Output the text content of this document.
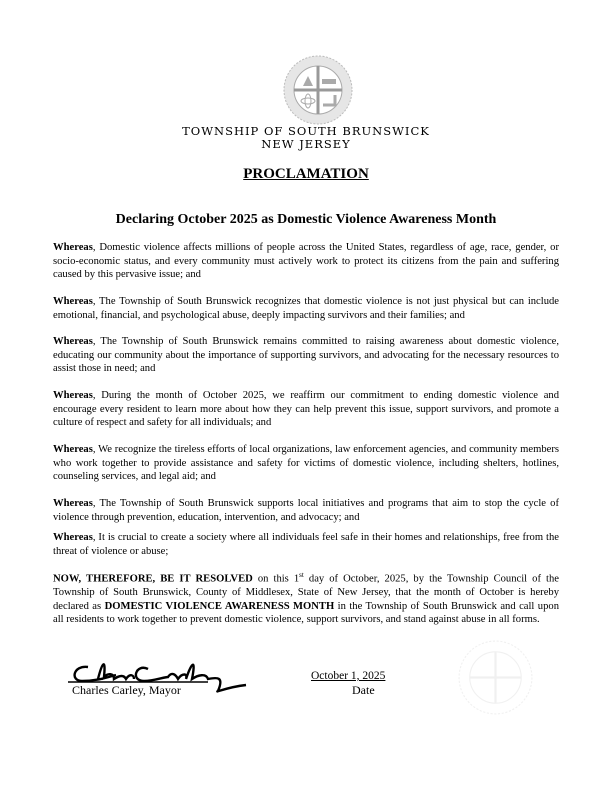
TOWNSHIP OF SOUTH BRUNSWICK
NEW JERSEY
PROCLAMATION
Declaring October 2025 as Domestic Violence Awareness Month
Whereas, Domestic violence affects millions of people across the United States, regardless of age, race, gender, or socio-economic status, and every community must actively work to protect its citizens from the pain and suffering caused by this pervasive issue; and
Whereas, The Township of South Brunswick recognizes that domestic violence is not just physical but can include emotional, financial, and psychological abuse, deeply impacting survivors and their families; and
Whereas, The Township of South Brunswick remains committed to raising awareness about domestic violence, educating our community about the importance of supporting survivors, and advocating for the necessary resources to assist those in need; and
Whereas, During the month of October 2025, we reaffirm our commitment to ending domestic violence and encourage every resident to learn more about how they can help prevent this issue, support survivors, and promote a culture of respect and safety for all individuals; and
Whereas, We recognize the tireless efforts of local organizations, law enforcement agencies, and community members who work together to provide assistance and safety for victims of domestic violence, including shelters, hotlines, counseling services, and legal aid; and
Whereas, The Township of South Brunswick supports local initiatives and programs that aim to stop the cycle of violence through prevention, education, intervention, and advocacy; and
Whereas, It is crucial to create a society where all individuals feel safe in their homes and relationships, free from the threat of violence or abuse;
NOW, THEREFORE, BE IT RESOLVED on this 1st day of October, 2025, by the Township Council of the Township of South Brunswick, County of Middlesex, State of New Jersey, that the month of October is hereby declared as DOMESTIC VIOLENCE AWARENESS MONTH in the Township of South Brunswick and call upon all residents to work together to prevent domestic violence, support survivors, and stand against abuse in all forms.
Charles Carley, Mayor
October 1, 2025
Date
